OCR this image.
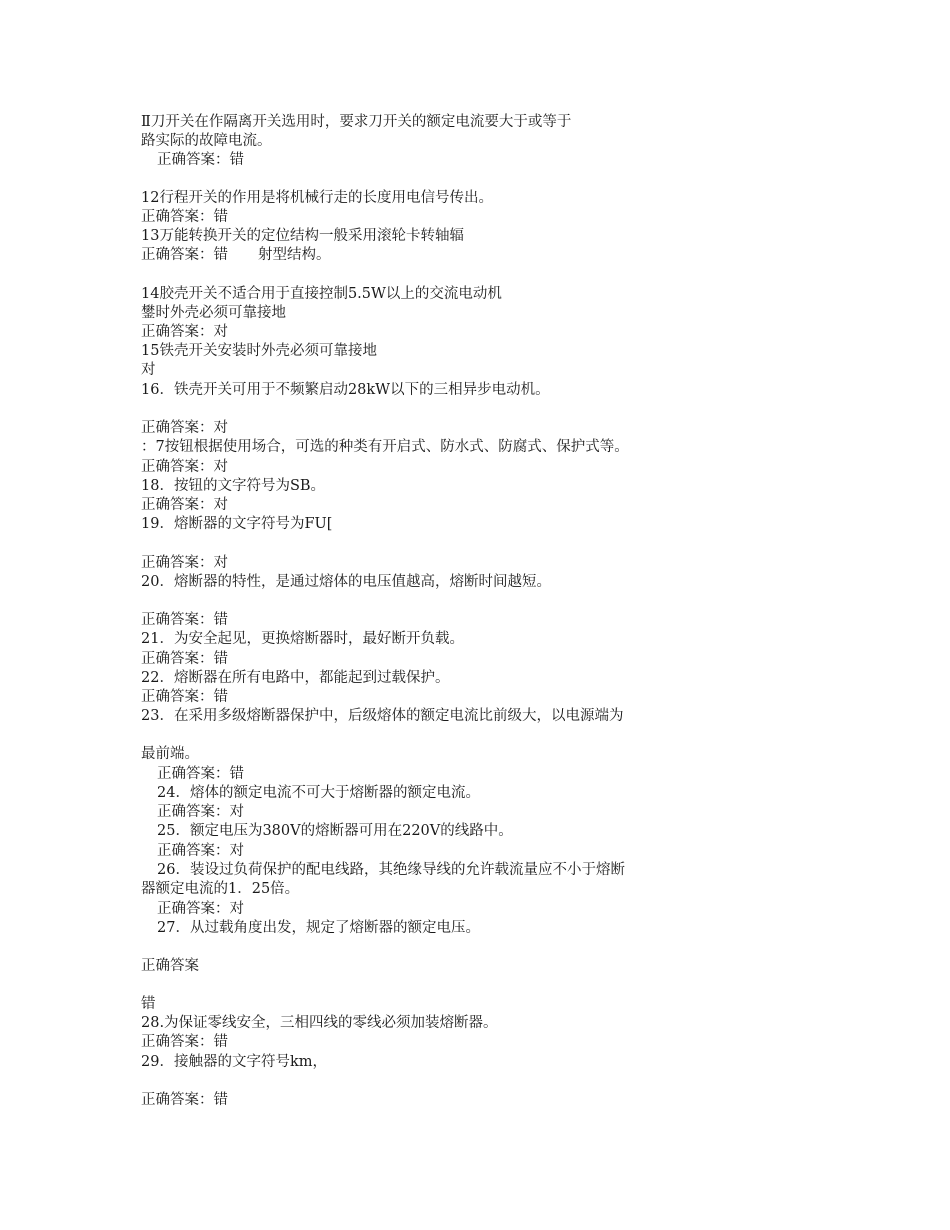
Ⅱ刀开关在作隔离开关选用时，要求刀开关的额定电流要大于或等于
路实际的故障电流。
正确答案：错
12行程开关的作用是将机械行走的长度用电信号传出。
正确答案：错
13万能转换开关的定位结构一般采用滚轮卡转轴辐
正确答案：错 射型结构。
14胶壳开关不适合用于直接控制5.5W以上的交流电动机
鐢时外壳必须可靠接地
正确答案：对
15铁壳开关安装时外壳必须可靠接地
对
16．铁壳开关可用于不频繁启动28kW以下的三相异步电动机。
正确答案：对
：7按钮根据使用场合，可选的种类有开启式、防水式、防腐式、保护式等。
正确答案：对
18．按钮的文字符号为SB。
正确答案：对
19．熔断器的文字符号为FU[
正确答案：对
20．熔断器的特性，是通过熔体的电压值越高，熔断时间越短。
正确答案：错
21．为安全起见，更换熔断器时，最好断开负载。
正确答案：错
22．熔断器在所有电路中，都能起到过载保护。
正确答案：错
23．在采用多级熔断器保护中，后级熔体的额定电流比前级大，以电源端为
最前端。
正确答案：错
24．熔体的额定电流不可大于熔断器的额定电流。
正确答案：对
25．额定电压为380V的熔断器可用在220V的线路中。
正确答案：对
26．装设过负荷保护的配电线路，其绝缘导线的允许载流量应不小于熔断
器额定电流的1．25倍。
正确答案：对
27．从过载角度出发，规定了熔断器的额定电压。
正确答案
错
28.为保证零线安全，三相四线的零线必须加装熔断器。
正确答案：错
29．接触器的文字符号km，
正确答案：错
